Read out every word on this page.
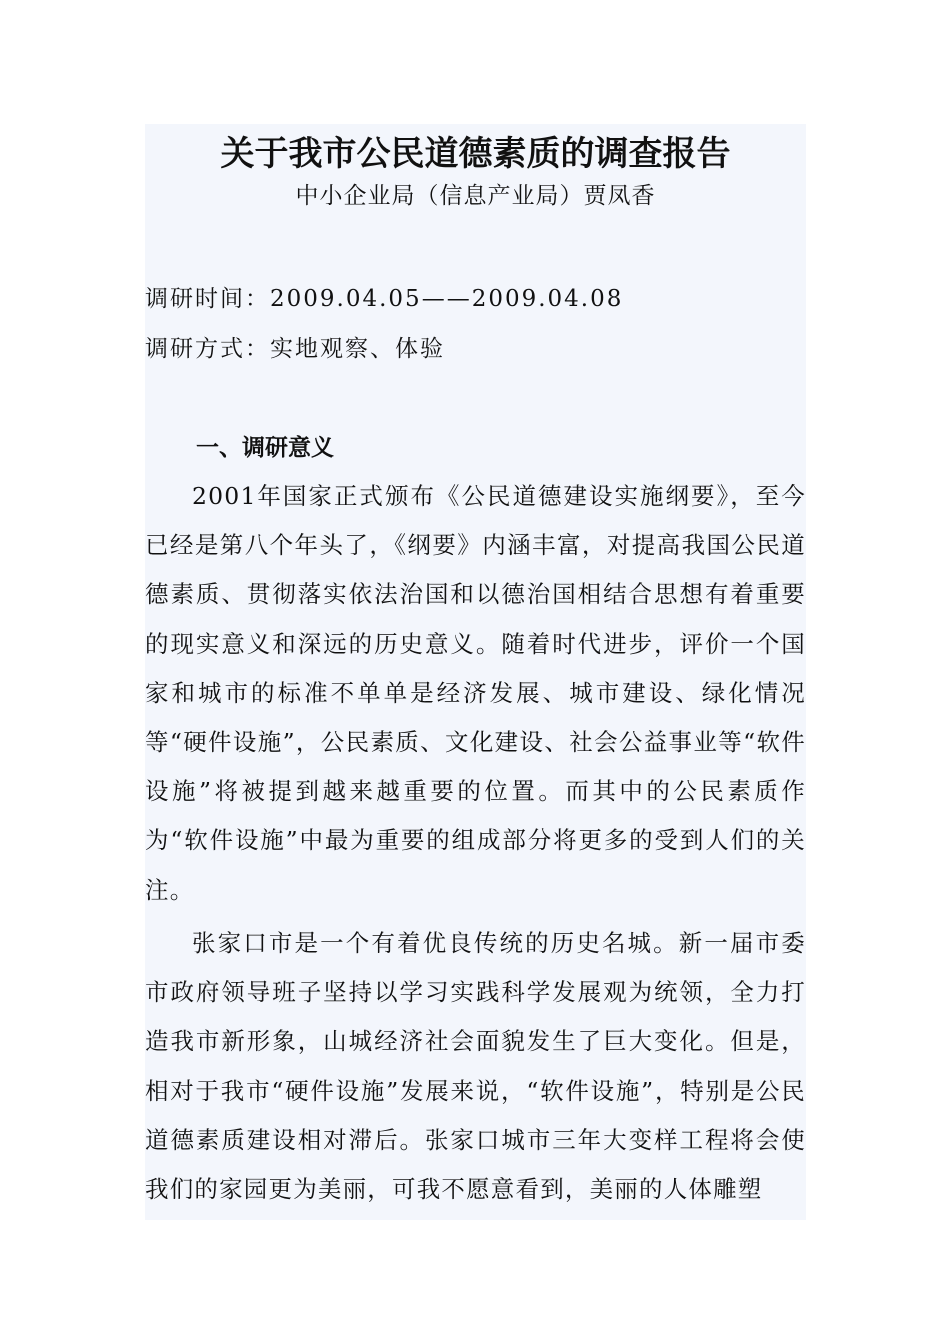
关于我市公民道德素质的调查报告
中小企业局（信息产业局）贾凤香
调研时间：2009.04.05——2009.04.08
调研方式：实地观察、体验
一、调研意义

2001年国家正式颁布《公民道德建设实施纲要》，至今已经是第八个年头了，《纲要》内涵丰富，对提高我国公民道德素质、贯彻落实依法治国和以德治国相结合思想有着重要的现实意义和深远的历史意义。随着时代进步，评价一个国家和城市的标准不单单是经济发展、城市建设、绿化情况等“硬件设施”，公民素质、文化建设、社会公益事业等“软件设施”将被提到越来越重要的位置。而其中的公民素质作为“软件设施”中最为重要的组成部分将更多的受到人们的关注。

张家口市是一个有着优良传统的历史名城。新一届市委市政府领导班子坚持以学习实践科学发展观为统领，全力打造我市新形象，山城经济社会面貌发生了巨大变化。但是，相对于我市“硬件设施”发展来说，“软件设施”，特别是公民道德素质建设相对滞后。张家口城市三年大变样工程将会使我们的家园更为美丽，可我不愿意看到，美丽的人体雕塑
